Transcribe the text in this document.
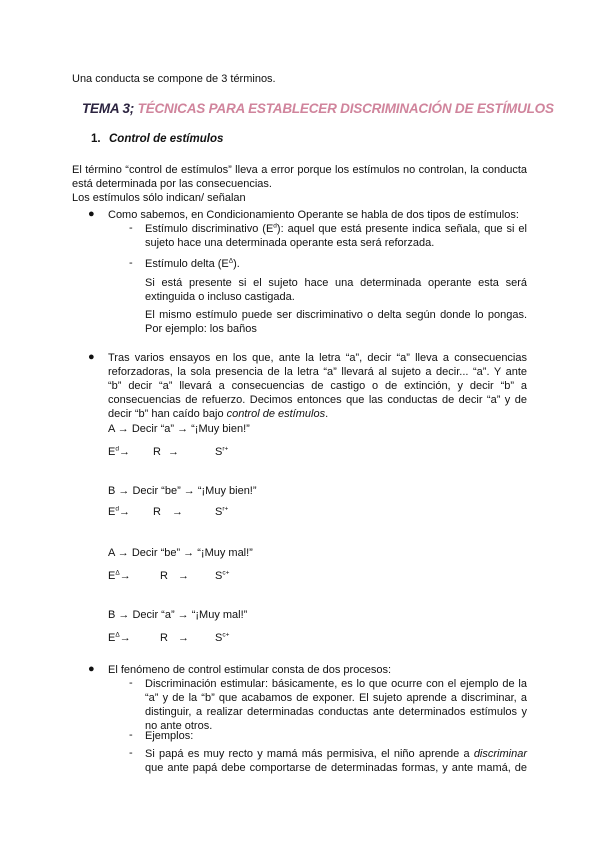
Una conducta se compone de 3 términos.
TEMA 3; TÉCNICAS PARA ESTABLECER DISCRIMINACIÓN DE ESTÍMULOS
1. Control de estímulos
El término “control de estímulos” lleva a error porque los estímulos no controlan, la conducta
está determinada por las consecuencias.
Los estímulos sólo indican/ señalan
● Como sabemos, en Condicionamiento Operante se habla de dos tipos de estímulos:
- Estímulo discriminativo $(E^d)$: aquel que está presente indica señala, que si el
sujeto hace una determinada operante esta será reforzada.
- Estímulo delta $(E^\Delta)$.
Si está presente si el sujeto hace una determinada operante esta será
extinguida o incluso castigada.
El mismo estímulo puede ser discriminativo o delta según donde lo pongas.
Por ejemplo: los baños
● Tras varios ensayos en los que, ante la letra “a”, decir “a” lleva a consecuencias
reforzadoras, la sola presencia de la letra “a” llevará al sujeto a decir... “a”. Y ante
“b” decir “a” llevará a consecuencias de castigo o de extinción, y decir “b” a
consecuencias de refuerzo. Decimos entonces que las conductas de decir “a” y de
decir “b” han caído bajo control de estímulos.
A → Decir “a” → “¡Muy bien!”
$E^d\to R$ →	$S^{r+}$
B → Decir “be” → “¡Muy bien!”
$E^d\to R$ →	$S^{r+}$
A → Decir “be” → “¡Muy mal!”
$E^\Delta\to$	$R \to S^{c+}$
B → Decir “a” → “¡Muy mal!”
$E^\Delta\to$	$R \to S^{c+}$
● El fenómeno de control estimular consta de dos procesos:
- Discriminación estimular: básicamente, es lo que ocurre con el ejemplo de la
“a” y de la “b” que acabamos de exponer. El sujeto aprende a discriminar, a
distinguir, a realizar determinadas conductas ante determinados estímulos y
no ante otros.
- Ejemplos:
- Si papá es muy recto y mamá más permisiva, el niño aprende a discriminar
que ante papá debe comportarse de determinadas formas, y ante mamá, de
